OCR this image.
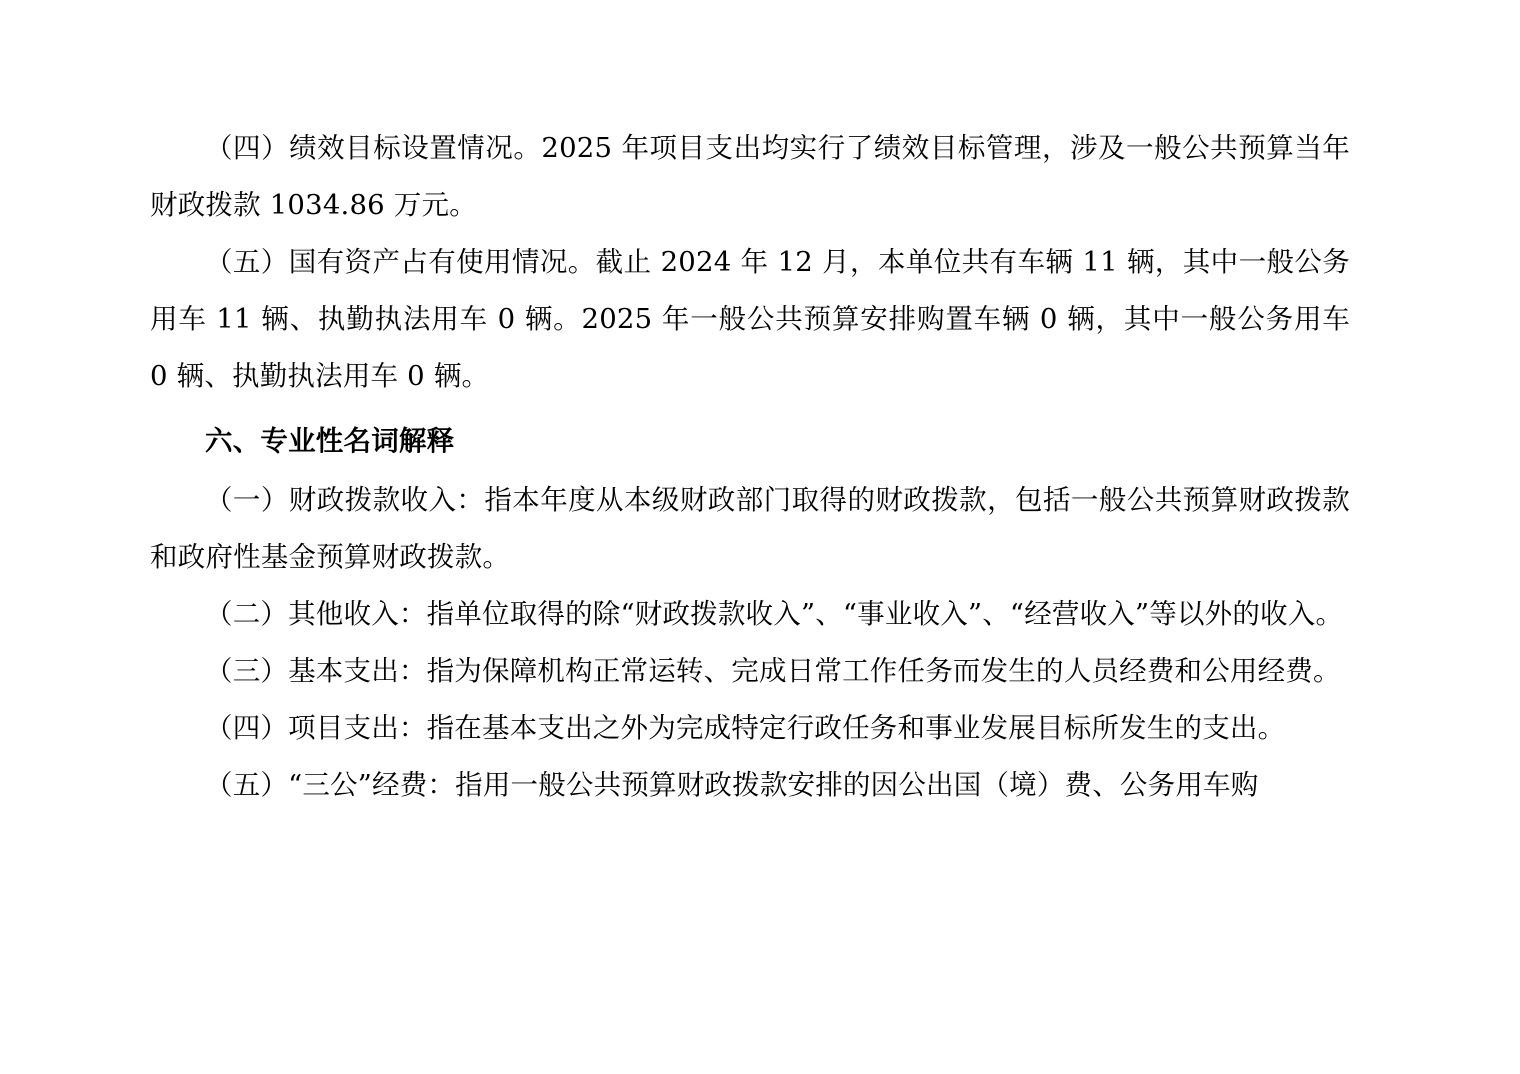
（四）绩效目标设置情况。2025 年项目支出均实行了绩效目标管理，涉及一般公共预算当年财政拨款 1034.86 万元。

（五）国有资产占有使用情况。截止 2024 年 12 月，本单位共有车辆 11 辆，其中一般公务用车 11 辆、执勤执法用车 0 辆。2025 年一般公共预算安排购置车辆 0 辆，其中一般公务用车 0 辆、执勤执法用车 0 辆。

六、专业性名词解释

（一）财政拨款收入：指本年度从本级财政部门取得的财政拨款，包括一般公共预算财政拨款和政府性基金预算财政拨款。

（二）其他收入：指单位取得的除“财政拨款收入”、“事业收入”、“经营收入”等以外的收入。

（三）基本支出：指为保障机构正常运转、完成日常工作任务而发生的人员经费和公用经费。

（四）项目支出：指在基本支出之外为完成特定行政任务和事业发展目标所发生的支出。

（五）“三公”经费：指用一般公共预算财政拨款安排的因公出国（境）费、公务用车购
